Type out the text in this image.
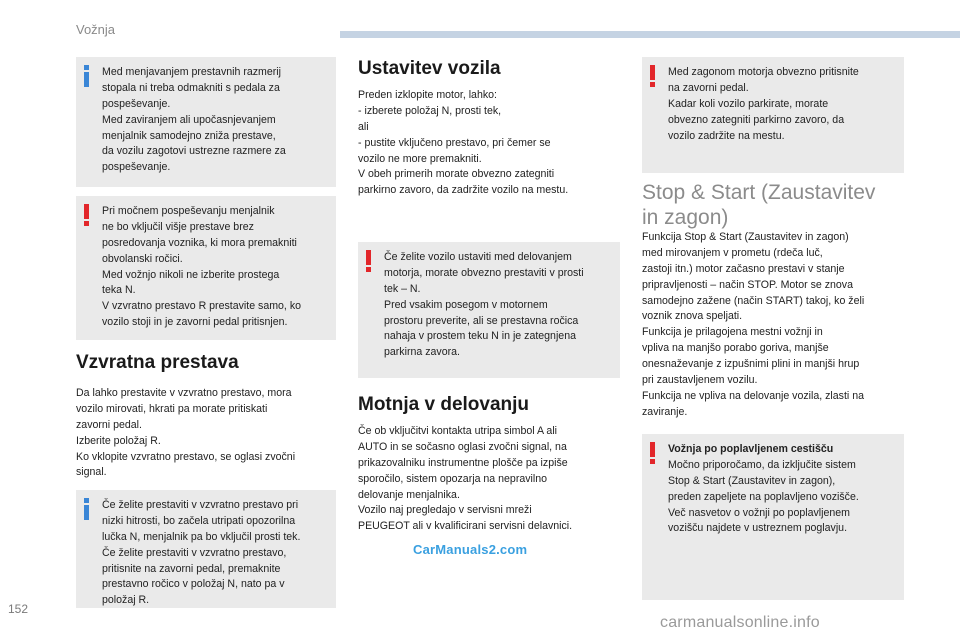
Vožnja
Med menjavanjem prestavnih razmerij
stopala ni treba odmakniti s pedala za
pospeševanje.
Med zaviranjem ali upočasnjevanjem
menjalnik samodejno zniža prestave,
da vozilu zagotovi ustrezne razmere za
pospeševanje.
Pri močnem pospeševanju menjalnik
ne bo vključil višje prestave brez
posredovanja voznika, ki mora premakniti
obvolanski ročici.
Med vožnjo nikoli ne izberite prostega
teka N.
V vzvratno prestavo R prestavite samo, ko
vozilo stoji in je zavorni pedal pritisnjen.
Vzvratna prestava
Da lahko prestavite v vzvratno prestavo, mora
vozilo mirovati, hkrati pa morate pritiskati
zavorni pedal.
Izberite položaj R.
Ko vklopite vzvratno prestavo, se oglasi zvočni
signal.
Če želite prestaviti v vzvratno prestavo pri
nizki hitrosti, bo začela utripati opozorilna
lučka N, menjalnik pa bo vključil prosti tek.
Če želite prestaviti v vzvratno prestavo,
pritisnite na zavorni pedal, premaknite
prestavno ročico v položaj N, nato pa v
položaj R.
Ustavitev vozila
Preden izklopite motor, lahko:
- izberete položaj N, prosti tek,
ali
- pustite vključeno prestavo, pri čemer se
vozilo ne more premakniti.
V obeh primerih morate obvezno zategniti
parkirno zavoro, da zadržite vozilo na mestu.
Če želite vozilo ustaviti med delovanjem
motorja, morate obvezno prestaviti v prosti
tek – N.
Pred vsakim posegom v motornem
prostoru preverite, ali se prestavna ročica
nahaja v prostem teku N in je zategnjena
parkirna zavora.
Motnja v delovanju
Če ob vključitvi kontakta utripa simbol A ali
AUTO in se sočasno oglasi zvočni signal, na
prikazovalniku instrumentne plošče pa izpiše
sporočilo, sistem opozarja na nepravilno
delovanje menjalnika.
Vozilo naj pregledajo v servisni mreži
PEUGEOT ali v kvalificirani servisni delavnici.
Med zagonom motorja obvezno pritisnite
na zavorni pedal.
Kadar koli vozilo parkirate, morate
obvezno zategniti parkirno zavoro, da
vozilo zadržite na mestu.
Stop & Start (Zaustavitev
in zagon)
Funkcija Stop & Start (Zaustavitev in zagon)
med mirovanjem v prometu (rdeča luč,
zastoji itn.) motor začasno prestavi v stanje
pripravljenosti – način STOP. Motor se znova
samodejno zažene (način START) takoj, ko želi
voznik znova speljati.
Funkcija je prilagojena mestni vožnji in
vpliva na manjšo porabo goriva, manjše
onesnaževanje z izpušnimi plini in manjši hrup
pri zaustavljenem vozilu.
Funkcija ne vpliva na delovanje vozila, zlasti na
zaviranje.
Vožnja po poplavljenem cestišču
Močno priporočamo, da izključite sistem
Stop & Start (Zaustavitev in zagon),
preden zapeljete na poplavljeno vozišče.
Več nasvetov o vožnji po poplavljenem
vozišču najdete v ustreznem poglavju.
152
CarManuals2.com
carmanualsonline.info
